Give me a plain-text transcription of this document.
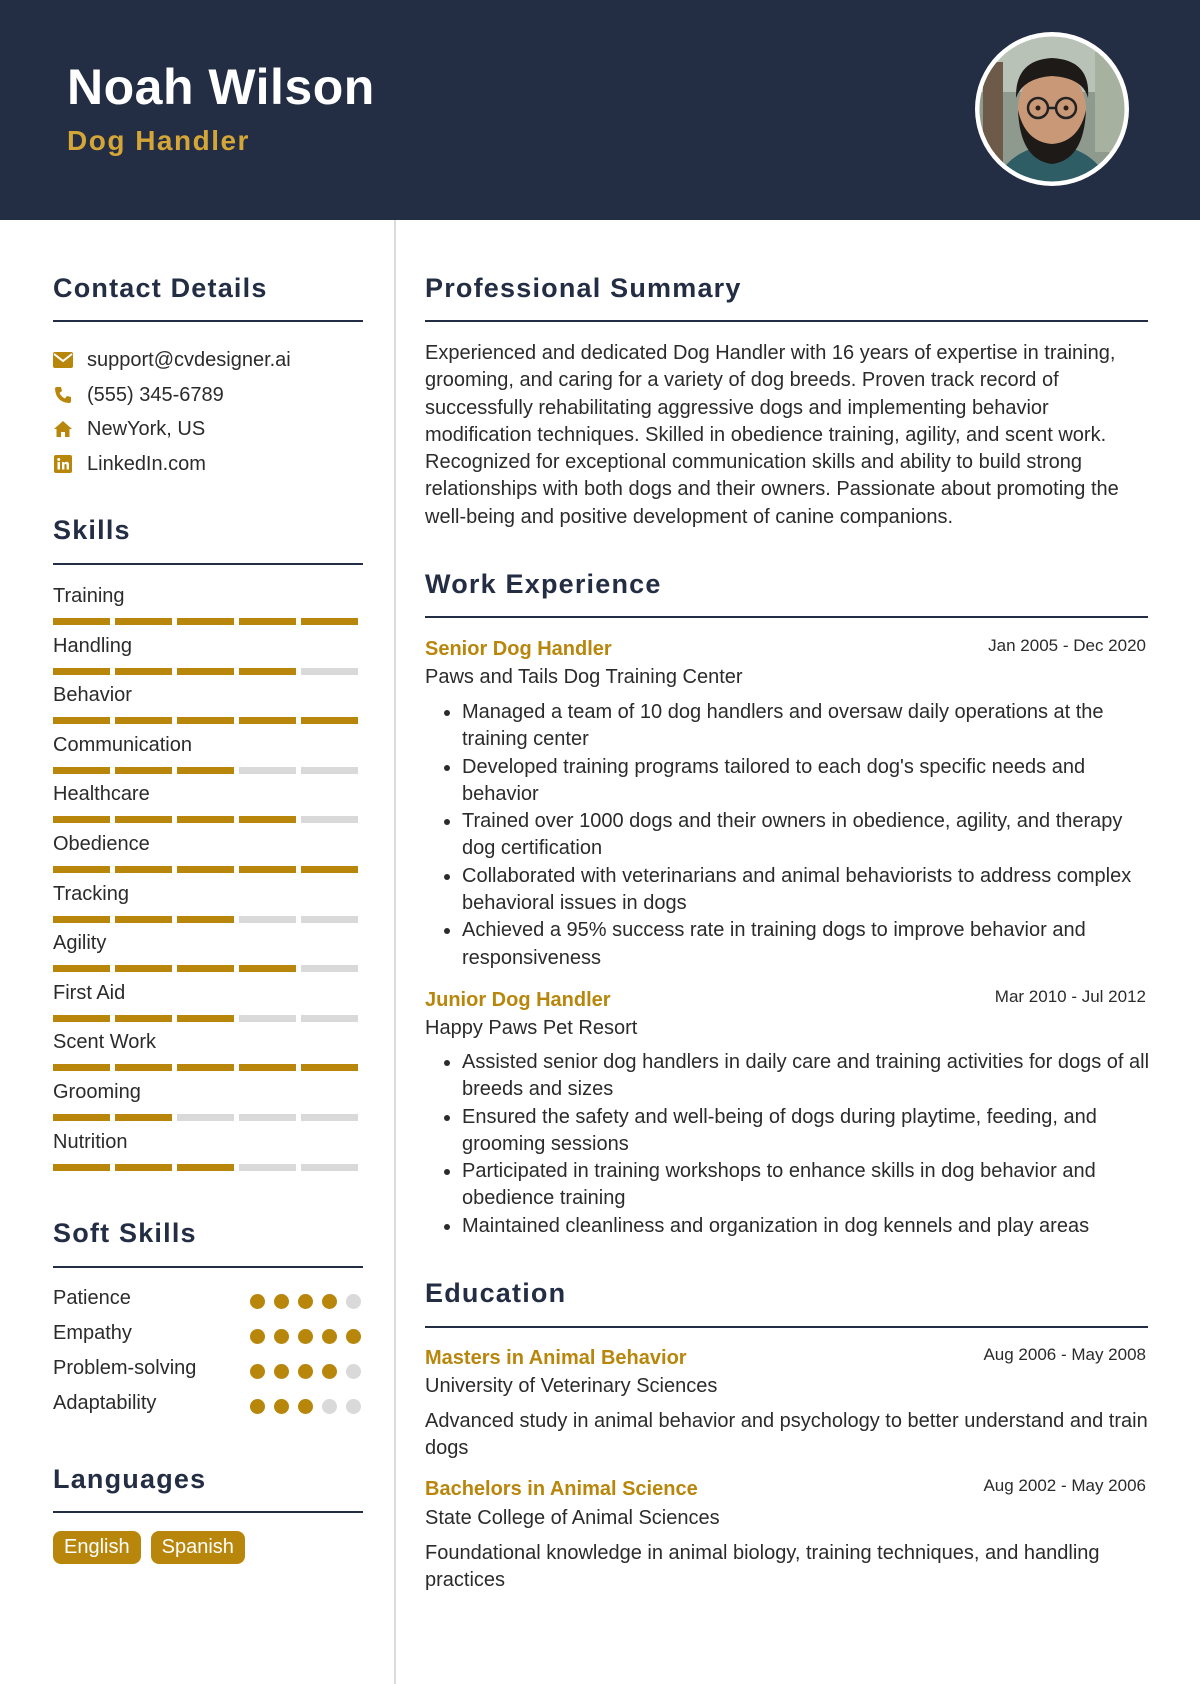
Noah Wilson
Dog Handler
Contact Details
support@cvdesigner.ai
(555) 345-6789
NewYork, US
LinkedIn.com
Skills
Training
Handling
Behavior
Communication
Healthcare
Obedience
Tracking
Agility
First Aid
Scent Work
Grooming
Nutrition
Soft Skills
Patience
Empathy
Problem-solving
Adaptability
Languages
English	Spanish
Professional Summary
Experienced and dedicated Dog Handler with 16 years of expertise in training, grooming, and caring for a variety of dog breeds. Proven track record of successfully rehabilitating aggressive dogs and implementing behavior modification techniques. Skilled in obedience training, agility, and scent work. Recognized for exceptional communication skills and ability to build strong relationships with both dogs and their owners. Passionate about promoting the well-being and positive development of canine companions.
Work Experience
Senior Dog Handler	Jan 2005 - Dec 2020
Paws and Tails Dog Training Center
• Managed a team of 10 dog handlers and oversaw daily operations at the training center
• Developed training programs tailored to each dog's specific needs and behavior
• Trained over 1000 dogs and their owners in obedience, agility, and therapy dog certification
• Collaborated with veterinarians and animal behaviorists to address complex behavioral issues in dogs
• Achieved a 95% success rate in training dogs to improve behavior and responsiveness
Junior Dog Handler	Mar 2010 - Jul 2012
Happy Paws Pet Resort
• Assisted senior dog handlers in daily care and training activities for dogs of all breeds and sizes
• Ensured the safety and well-being of dogs during playtime, feeding, and grooming sessions
• Participated in training workshops to enhance skills in dog behavior and obedience training
• Maintained cleanliness and organization in dog kennels and play areas
Education
Masters in Animal Behavior	Aug 2006 - May 2008
University of Veterinary Sciences
Advanced study in animal behavior and psychology to better understand and train dogs
Bachelors in Animal Science	Aug 2002 - May 2006
State College of Animal Sciences
Foundational knowledge in animal biology, training techniques, and handling practices
